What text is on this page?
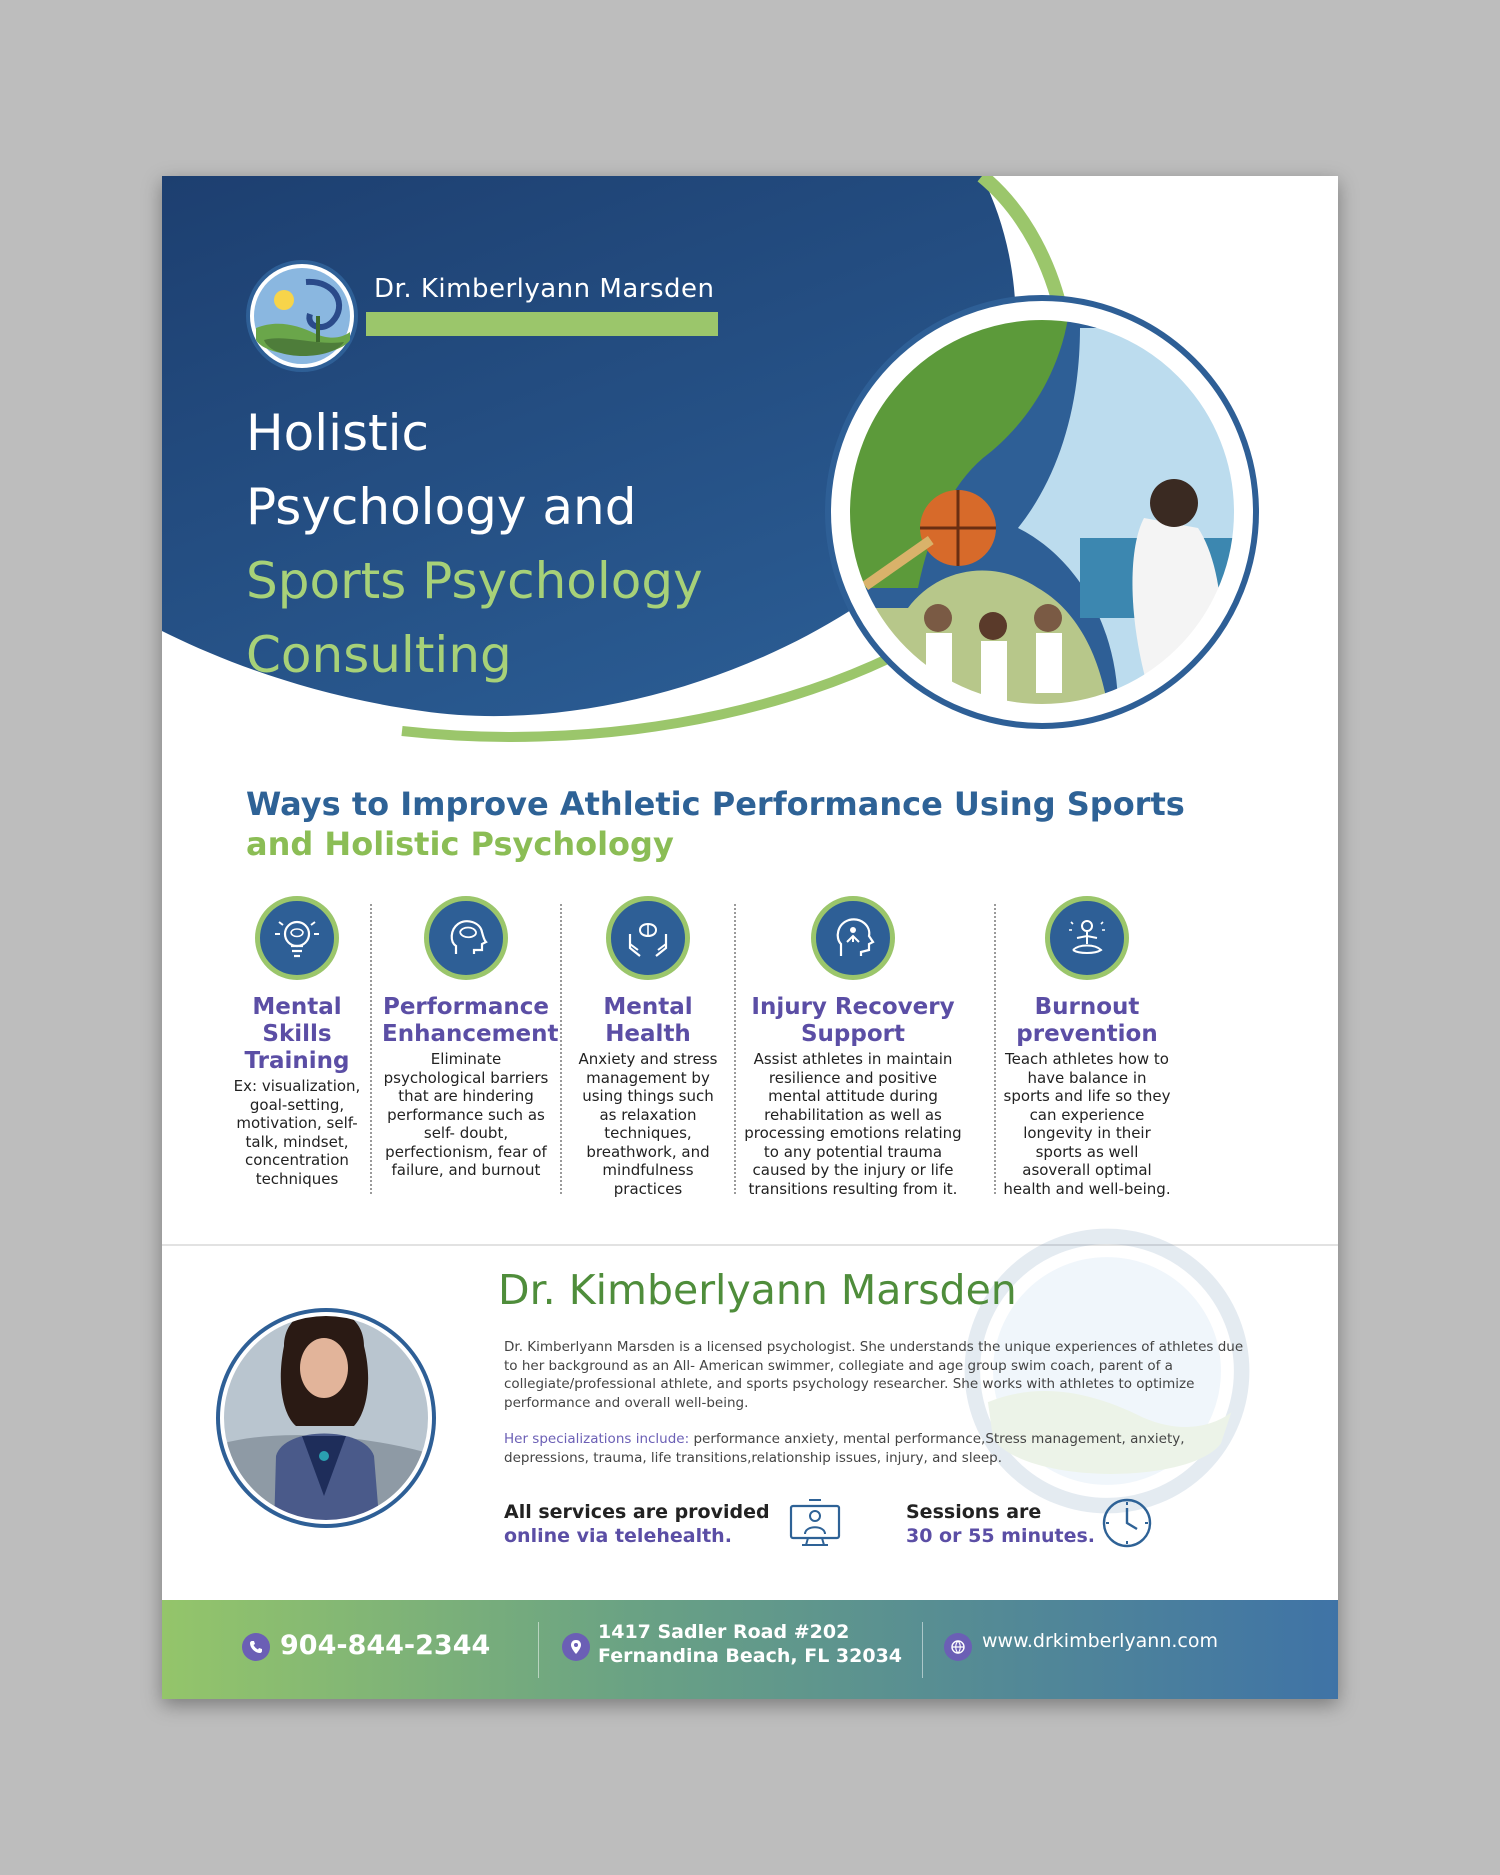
Dr. Kimberlyann Marsden
Holistic
Psychology and
Sports Psychology
Consulting
Ways to Improve Athletic Performance Using Sports
and Holistic Psychology
Mental Skills Training
Ex: visualization, goal-setting, motivation, self- talk, mindset, concentration techniques
Performance Enhancement
Eliminate psychological barriers that are hindering performance such as self- doubt, perfectionism, fear of failure, and burnout
Mental Health
Anxiety and stress management by using things such as relaxation techniques, breathwork, and mindfulness practices
Injury Recovery Support
Assist athletes in maintain resilience and positive mental attitude during rehabilitation as well as processing emotions relating to any potential trauma caused by the injury or life transitions resulting from it.
Burnout prevention
Teach athletes how to have balance in sports and life so they can experience longevity in their sports as well asoverall optimal health and well-being.
Dr. Kimberlyann Marsden
Dr. Kimberlyann Marsden is a licensed psychologist. She understands the unique experiences of athletes due to her background as an All- American swimmer, collegiate and age group swim coach, parent of a collegiate/professional athlete, and sports psychology researcher. She works with athletes to optimize performance and overall well-being.
Her specializations include: performance anxiety, mental performance,Stress management, anxiety, depressions, trauma, life transitions,relationship issues, injury, and sleep.
All services are provided
online via telehealth.
Sessions are
30 or 55 minutes.
904-844-2344	1417 Sadler Road #202
Fernandina Beach, FL 32034
www.drkimberlyann.com
